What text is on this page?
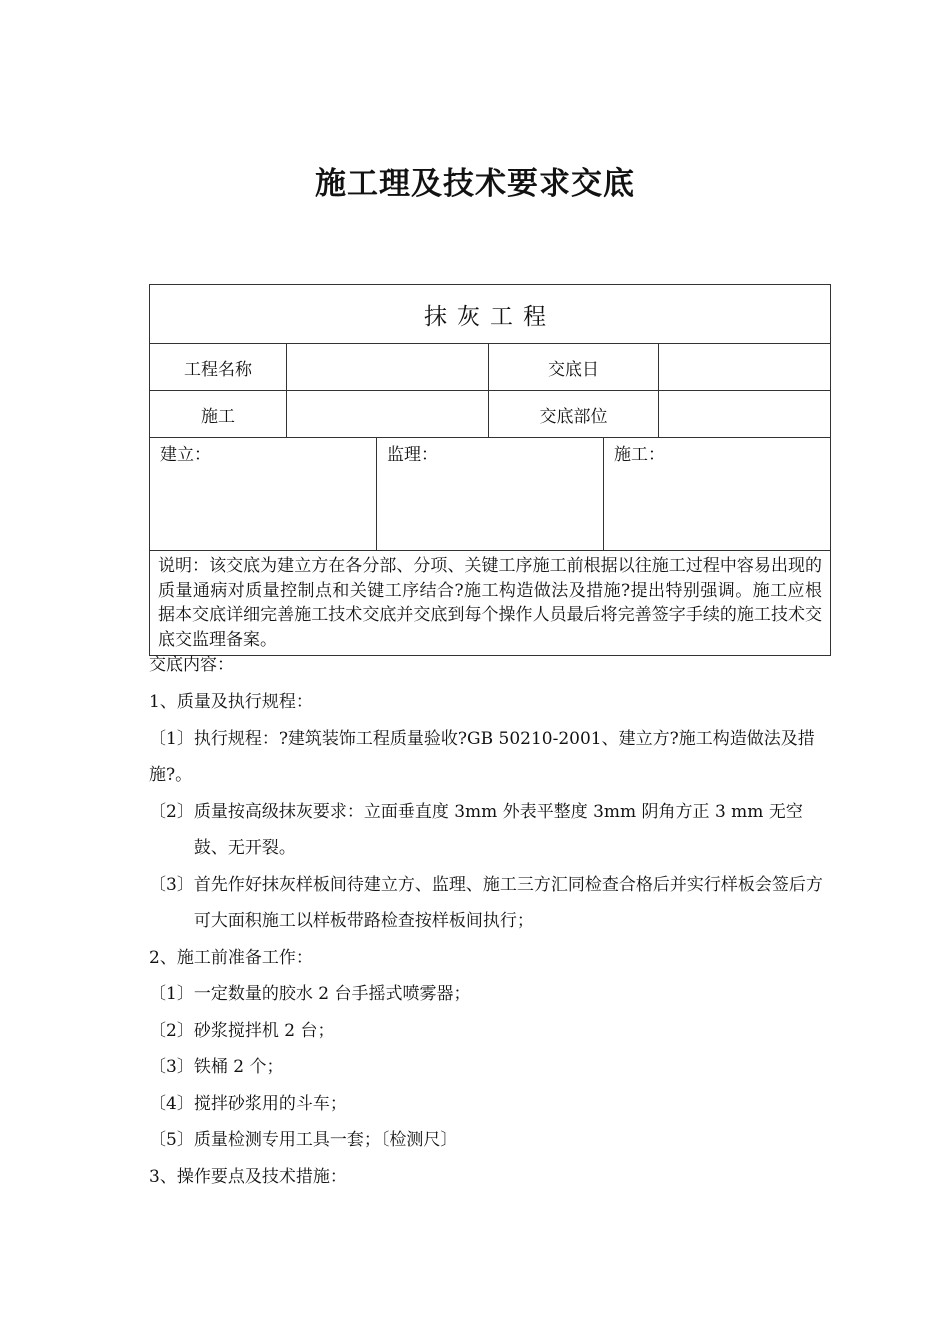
施工理及技术要求交底
抹灰工程			
工程名称		交底日	
施工		交底部位	

建立： 监理： 施工：			

说明：该交底为建立方在各分部、分项、关键工序施工前根据以往施工过程中容易出现的质量通病对质量控制点和关键工序结合?施工构造做法及措施?提出特别强调。施工应根据本交底详细完善施工技术交底并交底到每个操作人员最后将完善签字手续的施工技术交底交监理备案。			
交底内容：
1、质量及执行规程：
〔1〕执行规程：?建筑装饰工程质量验收?GB 50210-2001、建立方?施工构造做法及措施?。
〔2〕 质量按高级抹灰要求：立面垂直度 3mm 外表平整度 3mm 阴角方正 3 mm 无空鼓、无开裂。
〔3〕 首先作好抹灰样板间待建立方、监理、施工三方汇同检查合格后并实行样板会签后方可大面积施工以样板带路检查按样板间执行；
2、施工前准备工作：
〔1〕一定数量的胶水 2 台手摇式喷雾器；
〔2〕砂浆搅拌机 2 台；
〔3〕铁桶 2 个；
〔4〕搅拌砂浆用的斗车；
〔5〕质量检测专用工具一套；〔检测尺〕
3、操作要点及技术措施：
